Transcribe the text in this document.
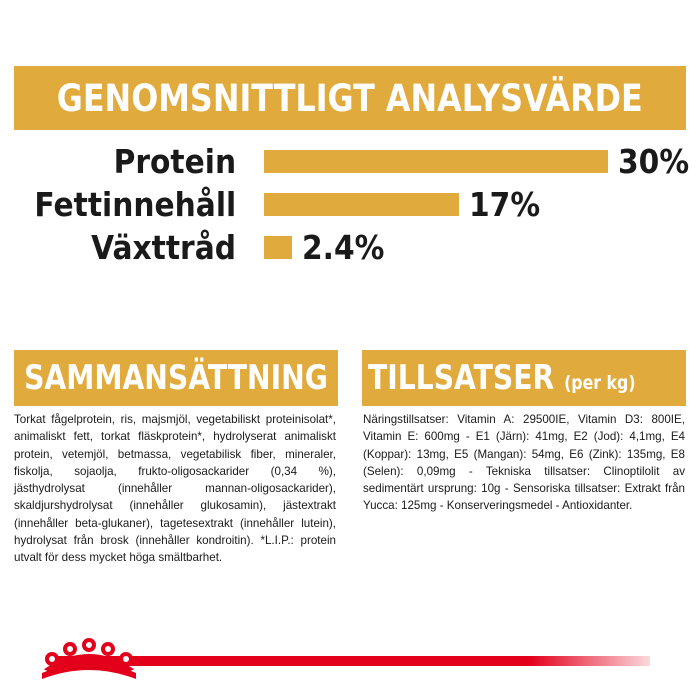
GENOMSNITTLIGT ANALYSVÄRDE
Protein	30%
Fettinnehåll	17%
Växttråd 2.4%
SAMMANSÄTTNING TILLSATSER (per kg)

Torkat fågelprotein, ris, majsmjöl, vegetabiliskt proteinisolat*, animaliskt fett, torkat fläskprotein*, hydrolyserat animaliskt protein, vetemjöl, betmassa, vegetabilisk fiber, mineraler, fiskolja, sojaolja, frukto-oligosackarider (0,34 %), jästhydrolysat (innehåller mannan-oligosackarider), skaldjurshydrolysat (innehåller glukosamin), jästextrakt (innehåller beta-glukaner), tagetesextrakt (innehåller lutein), hydrolysat från brosk (innehåller kondroitin). *L.I.P.: protein utvalt för dess mycket höga smältbarhet.

Näringstillsatser: Vitamin A: 29500IE, Vitamin D3: 800IE, Vitamin E: 600mg - E1 (Järn): 41mg, E2 (Jod): 4,1mg, E4 (Koppar): 13mg, E5 (Mangan): 54mg, E6 (Zink): 135mg, E8 (Selen): 0,09mg - Tekniska tillsatser: Clinoptilolit av sedimentärt ursprung: 10g - Sensoriska tillsatser: Extrakt från Yucca: 125mg - Konserveringsmedel - Antioxidanter.
